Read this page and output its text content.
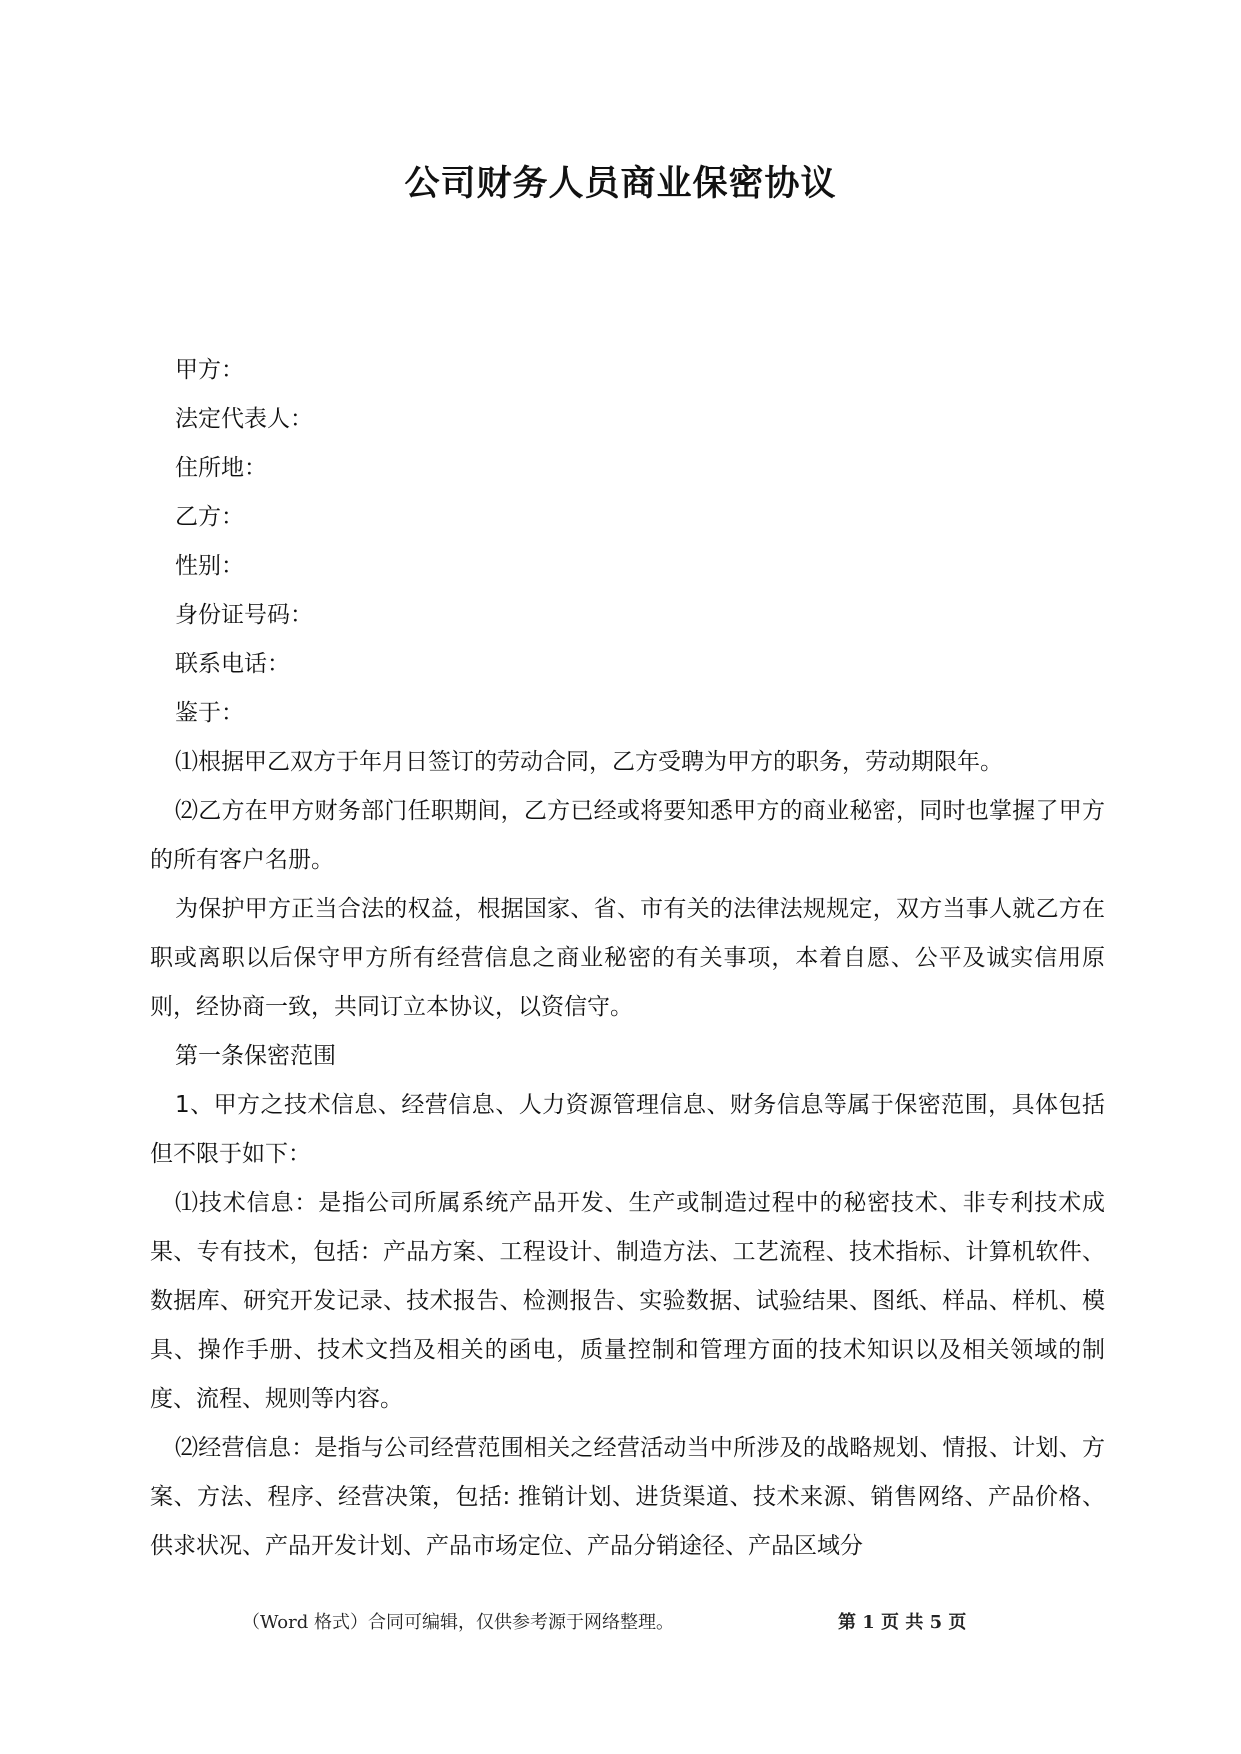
公司财务人员商业保密协议

甲方：

法定代表人：

住所地：

乙方：

性别：

身份证号码：

联系电话：

鉴于：

⑴根据甲乙双方于年月日签订的劳动合同，乙方受聘为甲方的职务，劳动期限年。

⑵乙方在甲方财务部门任职期间，乙方已经或将要知悉甲方的商业秘密，同时也掌握了甲方的所有客户名册。

为保护甲方正当合法的权益，根据国家、省、市有关的法律法规规定，双方当事人就乙方在职或离职以后保守甲方所有经营信息之商业秘密的有关事项，本着自愿、公平及诚实信用原则，经协商一致，共同订立本协议，以资信守。

第一条保密范围

1、甲方之技术信息、经营信息、人力资源管理信息、财务信息等属于保密范围，具体包括但不限于如下：

⑴技术信息：是指公司所属系统产品开发、生产或制造过程中的秘密技术、非专利技术成果、专有技术，包括：产品方案、工程设计、制造方法、工艺流程、技术指标、计算机软件、数据库、研究开发记录、技术报告、检测报告、实验数据、试验结果、图纸、样品、样机、模具、操作手册、技术文挡及相关的函电，质量控制和管理方面的技术知识以及相关领域的制度、流程、规则等内容。

⑵经营信息：是指与公司经营范围相关之经营活动当中所涉及的战略规划、情报、计划、方案、方法、程序、经营决策，包括: 推销计划、进货渠道、技术来源、销售网络、产品价格、供求状况、产品开发计划、产品市场定位、产品分销途径、产品区域分

（Word 格式）合同可编辑，仅供参考源于网络整理。	第 1 页 共 5 页
